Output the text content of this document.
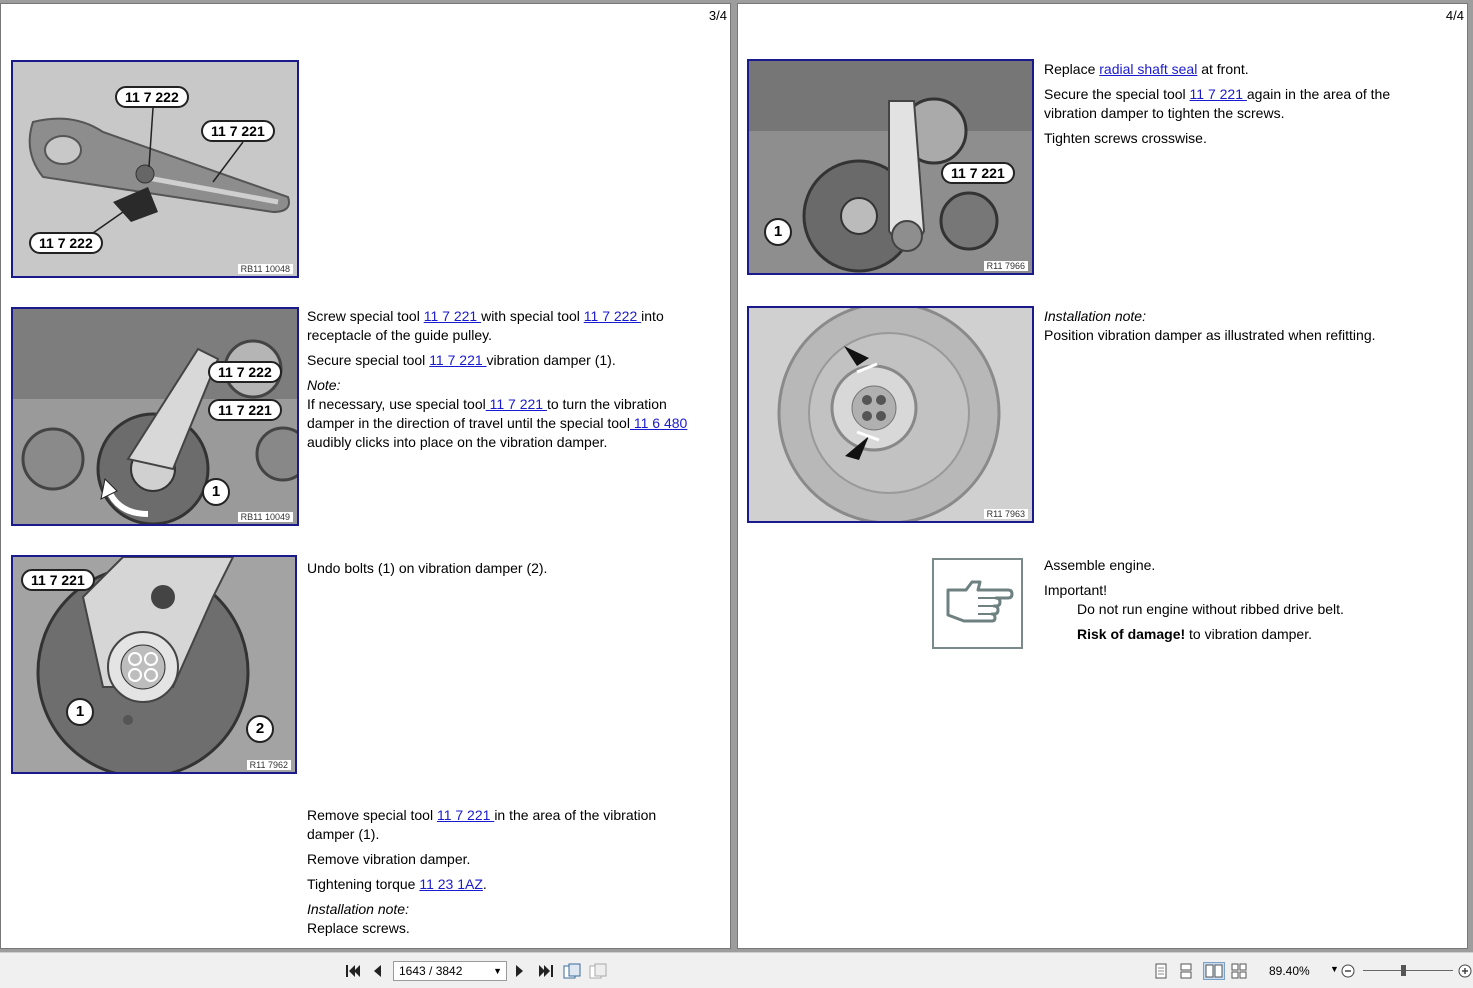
3/4
11 7 222
11 7 221
11 7 222
RB11 10048
11 7 222
11 7 221
1
RB11 10049
11 7 221
1
2
R11 7962

Screw special tool 11 7 221 with special tool 11 7 222 into receptacle of the guide pulley.

Secure special tool 11 7 221 vibration damper (1).

Note:

If necessary, use special tool 11 7 221 to turn the vibration damper in the direction of travel until the special tool 11 6 480 audibly clicks into place on the vibration damper.

Undo bolts (1) on vibration damper (2).

Remove special tool 11 7 221 in the area of the vibration damper (1).

Remove vibration damper.

Tightening torque 11 23 1AZ.

Installation note:
Replace screws.
4/4
11 7 221
1
R11 7966
R11 7963

Replace radial shaft seal at front.

Secure the special tool 11 7 221 again in the area of the vibration damper to tighten the screws.

Tighten screws crosswise.

Installation note:
Position vibration damper as illustrated when refitting.

Assemble engine.

Important!

Do not run engine without ribbed drive belt.

Risk of damage! to vibration damper.

1643 / 3842	▼	89.40% ▼
